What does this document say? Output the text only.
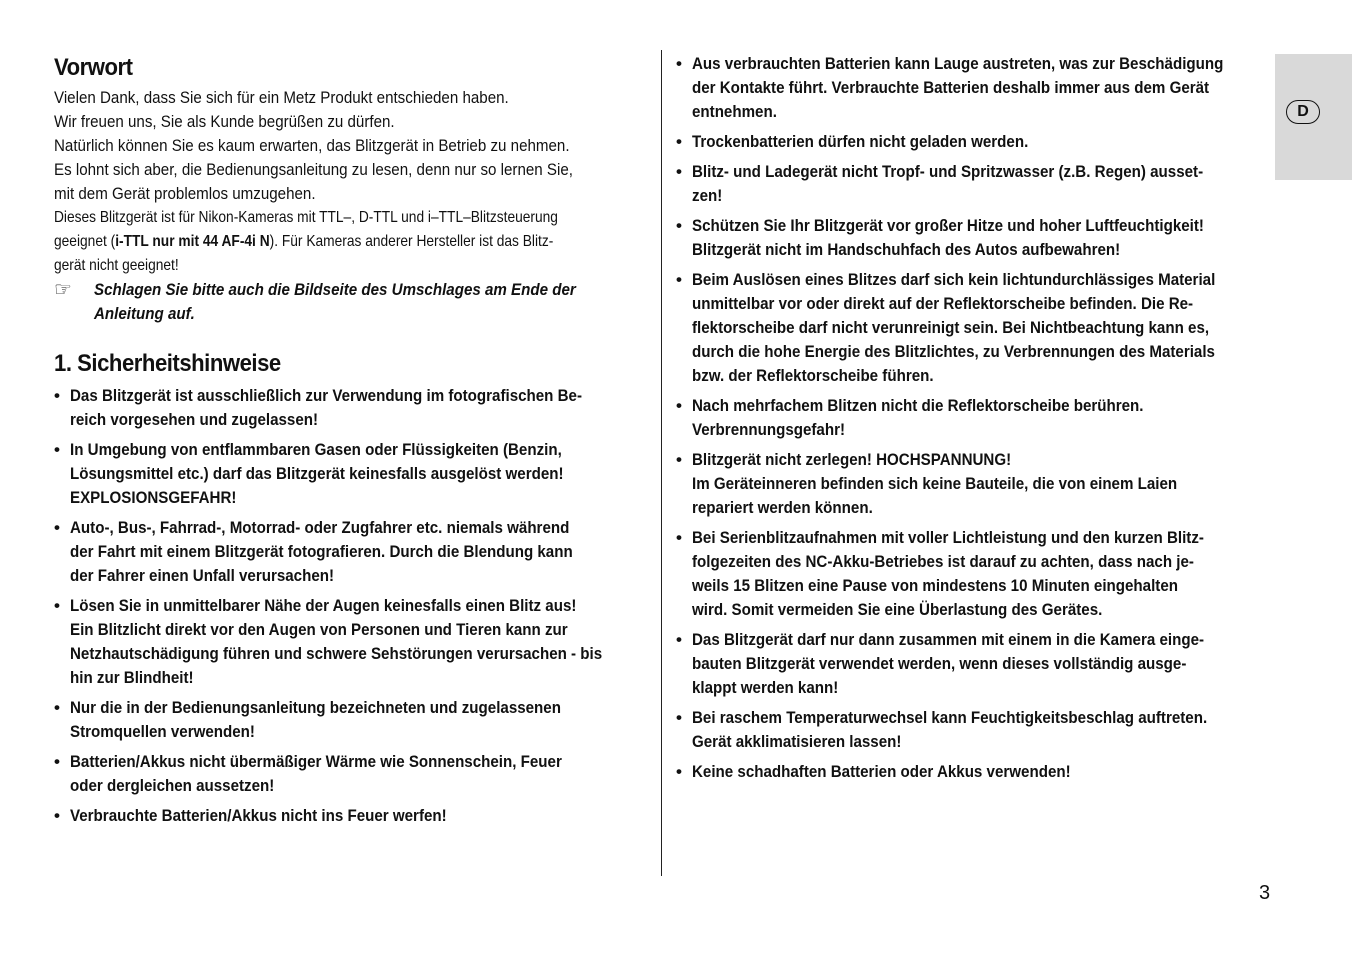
D
Vorwort

Vielen Dank, dass Sie sich für ein Metz Produkt entschieden haben.
Wir freuen uns, Sie als Kunde begrüßen zu dürfen.

Natürlich können Sie es kaum erwarten, das Blitzgerät in Betrieb zu nehmen.
Es lohnt sich aber, die Bedienungsanleitung zu lesen, denn nur so lernen Sie,
mit dem Gerät problemlos umzugehen.

Dieses Blitzgerät ist für Nikon-Kameras mit TTL–, D-TTL und i–TTL–Blitzsteuerung
geeignet (i-TTL nur mit 44 AF-4i N). Für Kameras anderer Hersteller ist das Blitz-
gerät nicht geeignet!

☞ Schlagen Sie bitte auch die Bildseite des Umschlages am Ende der
Anleitung auf.
1. Sicherheitshinweise
• Das Blitzgerät ist ausschließlich zur Verwendung im fotografischen Be-
reich vorgesehen und zugelassen!
• In Umgebung von entflammbaren Gasen oder Flüssigkeiten (Benzin,
Lösungsmittel etc.) darf das Blitzgerät keinesfalls ausgelöst werden!
EXPLOSIONSGEFAHR!
• Auto-, Bus-, Fahrrad-, Motorrad- oder Zugfahrer etc. niemals während
der Fahrt mit einem Blitzgerät fotografieren. Durch die Blendung kann
der Fahrer einen Unfall verursachen!
• Lösen Sie in unmittelbarer Nähe der Augen keinesfalls einen Blitz aus!
Ein Blitzlicht direkt vor den Augen von Personen und Tieren kann zur
Netzhautschädigung führen und schwere Sehstörungen verursachen - bis
hin zur Blindheit!
• Nur die in der Bedienungsanleitung bezeichneten und zugelassenen
Stromquellen verwenden!
• Batterien/Akkus nicht übermäßiger Wärme wie Sonnenschein, Feuer
oder dergleichen aussetzen!
• Verbrauchte Batterien/Akkus nicht ins Feuer werfen!
• Aus verbrauchten Batterien kann Lauge austreten, was zur Beschädigung
der Kontakte führt. Verbrauchte Batterien deshalb immer aus dem Gerät
entnehmen.
• Trockenbatterien dürfen nicht geladen werden.
• Blitz- und Ladegerät nicht Tropf- und Spritzwasser (z.B. Regen) ausset-
zen!
• Schützen Sie Ihr Blitzgerät vor großer Hitze und hoher Luftfeuchtigkeit!
Blitzgerät nicht im Handschuhfach des Autos aufbewahren!
• Beim Auslösen eines Blitzes darf sich kein lichtundurchlässiges Material
unmittelbar vor oder direkt auf der Reflektorscheibe befinden. Die Re-
flektorscheibe darf nicht verunreinigt sein. Bei Nichtbeachtung kann es,
durch die hohe Energie des Blitzlichtes, zu Verbrennungen des Materials
bzw. der Reflektorscheibe führen.
• Nach mehrfachem Blitzen nicht die Reflektorscheibe berühren.
Verbrennungsgefahr!
• Blitzgerät nicht zerlegen! HOCHSPANNUNG!
Im Geräteinneren befinden sich keine Bauteile, die von einem Laien
repariert werden können.
• Bei Serienblitzaufnahmen mit voller Lichtleistung und den kurzen Blitz-
folgezeiten des NC-Akku-Betriebes ist darauf zu achten, dass nach je-
weils 15 Blitzen eine Pause von mindestens 10 Minuten eingehalten
wird. Somit vermeiden Sie eine Überlastung des Gerätes.
• Das Blitzgerät darf nur dann zusammen mit einem in die Kamera einge-
bauten Blitzgerät verwendet werden, wenn dieses vollständig ausge-
klappt werden kann!
• Bei raschem Temperaturwechsel kann Feuchtigkeitsbeschlag auftreten.
Gerät akklimatisieren lassen!
• Keine schadhaften Batterien oder Akkus verwenden!
3
